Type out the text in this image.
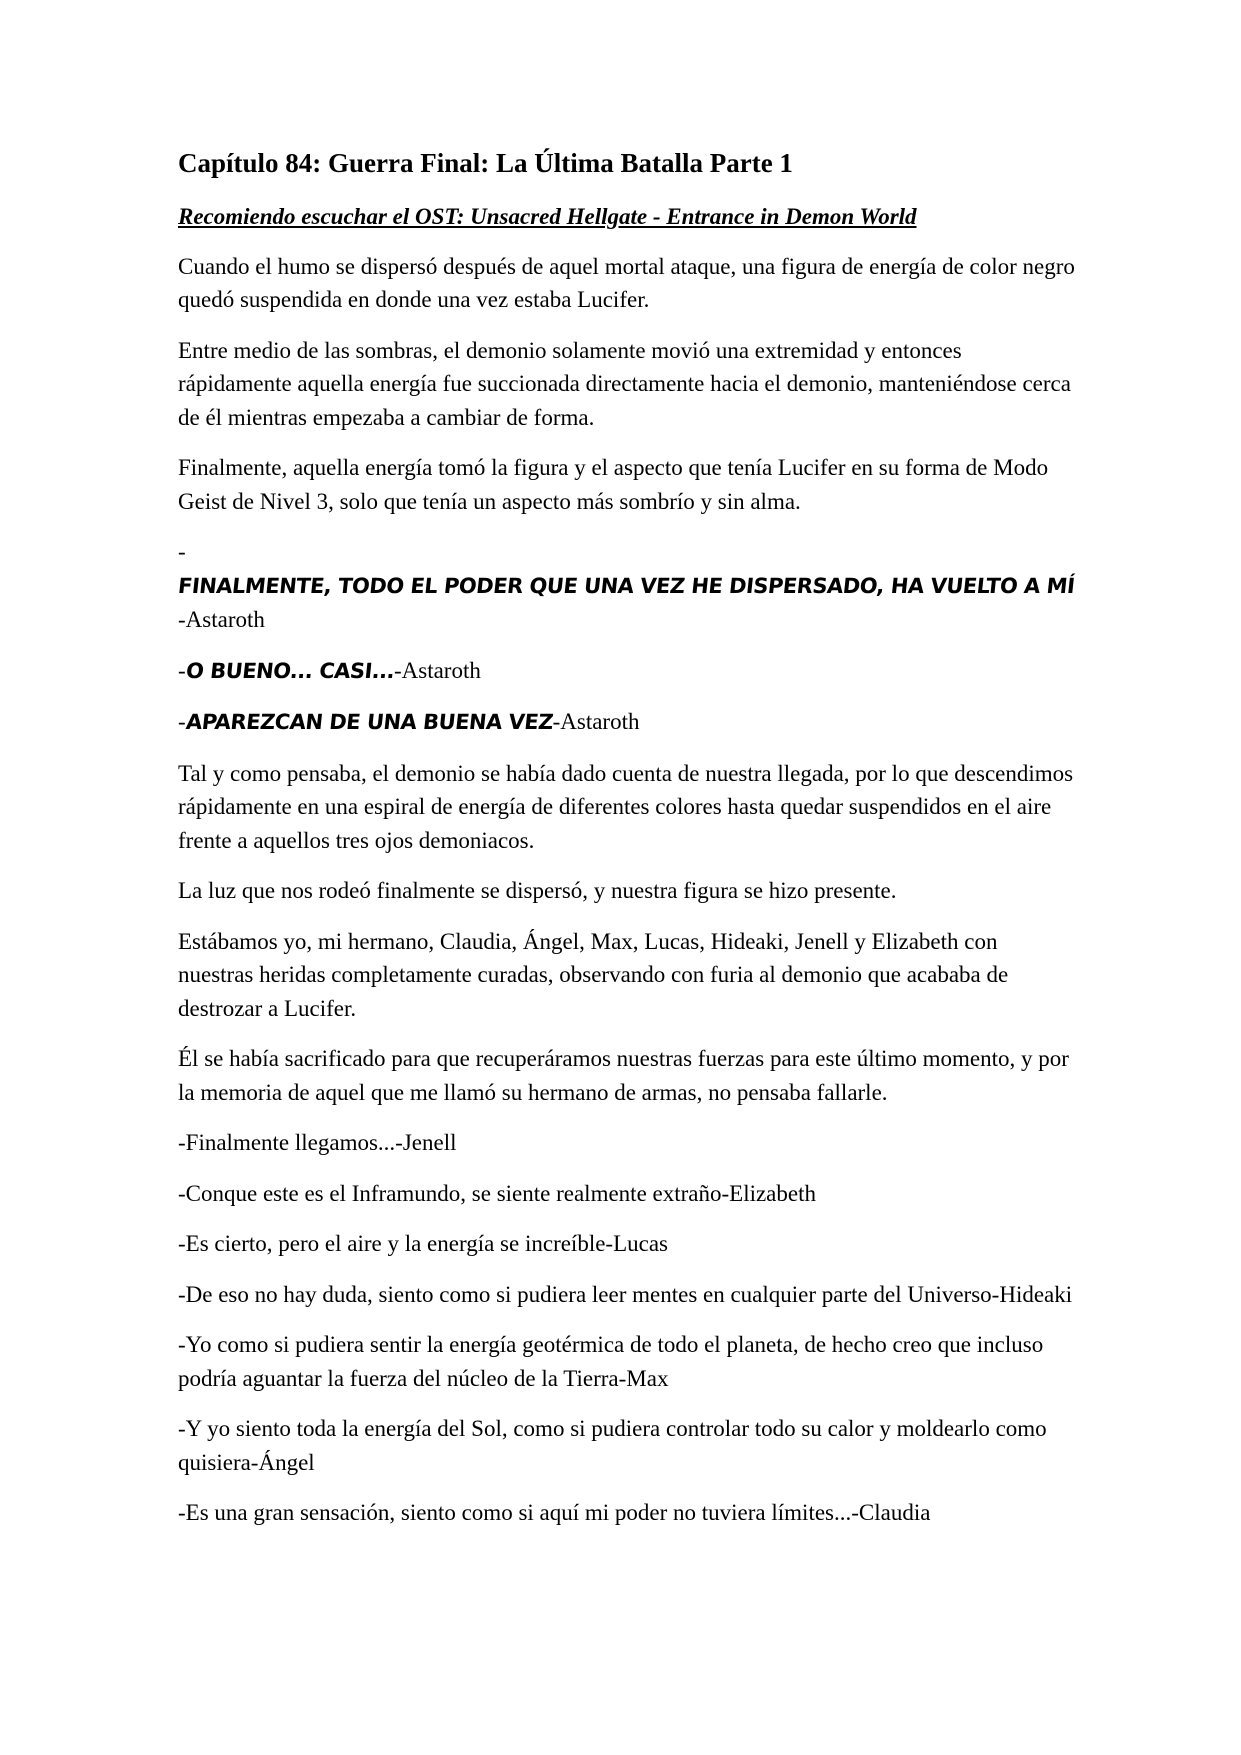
Capítulo 84: Guerra Final: La Última Batalla Parte 1
Recomiendo escuchar el OST: Unsacred Hellgate - Entrance in Demon World

Cuando el humo se dispersó después de aquel mortal ataque, una figura de energía de color negro quedó suspendida en donde una vez estaba Lucifer.

Entre medio de las sombras, el demonio solamente movió una extremidad y entonces rápidamente aquella energía fue succionada directamente hacia el demonio, manteniéndose cerca de él mientras empezaba a cambiar de forma.

Finalmente, aquella energía tomó la figura y el aspecto que tenía Lucifer en su forma de Modo Geist de Nivel 3, solo que tenía un aspecto más sombrío y sin alma.

-FINALMENTE, TODO EL PODER QUE UNA VEZ HE DISPERSADO, HA VUELTO A MÍ-Astaroth

-O BUENO... CASI...-Astaroth

-APAREZCAN DE UNA BUENA VEZ-Astaroth

Tal y como pensaba, el demonio se había dado cuenta de nuestra llegada, por lo que descendimos rápidamente en una espiral de energía de diferentes colores hasta quedar suspendidos en el aire frente a aquellos tres ojos demoniacos.

La luz que nos rodeó finalmente se dispersó, y nuestra figura se hizo presente.

Estábamos yo, mi hermano, Claudia, Ángel, Max, Lucas, Hideaki, Jenell y Elizabeth con nuestras heridas completamente curadas, observando con furia al demonio que acababa de destrozar a Lucifer.

Él se había sacrificado para que recuperáramos nuestras fuerzas para este último momento, y por la memoria de aquel que me llamó su hermano de armas, no pensaba fallarle.

-Finalmente llegamos...-Jenell

-Conque este es el Inframundo, se siente realmente extraño-Elizabeth

-Es cierto, pero el aire y la energía se increíble-Lucas

-De eso no hay duda, siento como si pudiera leer mentes en cualquier parte del Universo-Hideaki

-Yo como si pudiera sentir la energía geotérmica de todo el planeta, de hecho creo que incluso podría aguantar la fuerza del núcleo de la Tierra-Max

-Y yo siento toda la energía del Sol, como si pudiera controlar todo su calor y moldearlo como quisiera-Ángel

-Es una gran sensación, siento como si aquí mi poder no tuviera límites...-Claudia
